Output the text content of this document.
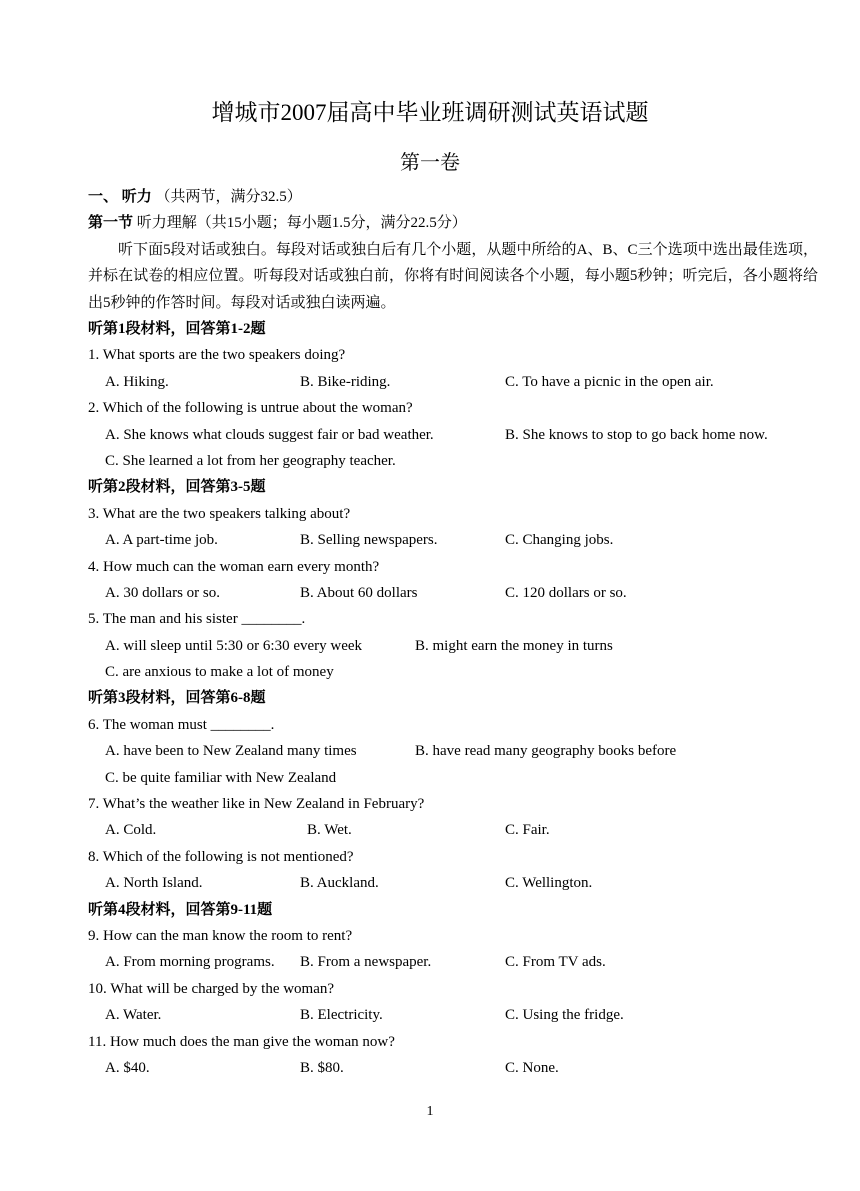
增城市2007届高中毕业班调研测试英语试题
第一卷
一、 听力 （共两节，满分32.5）
第一节 听力理解（共15小题；每小题1.5分，满分22.5分）
听下面5段对话或独白。每段对话或独白后有几个小题，从题中所给的A、B、C三个选项中选出最佳选项，并标在试卷的相应位置。听每段对话或独白前，你将有时间阅读各个小题，每小题5秒钟；听完后，各小题将给出5秒钟的作答时间。每段对话或独白读两遍。
听第1段材料，回答第1-2题
1. What sports are the two speakers doing?
A. Hiking.	B. Bike-riding.	C. To have a picnic in the open air.
2. Which of the following is untrue about the woman?
A. She knows what clouds suggest fair or bad weather.	B. She knows to stop to go back home now.
C. She learned a lot from her geography teacher.
听第2段材料，回答第3-5题
3. What are the two speakers talking about?
A. A part-time job.	B. Selling newspapers.	C. Changing jobs.
4. How much can the woman earn every month?
A. 30 dollars or so.	B. About 60 dollars	C. 120 dollars or so.
5. The man and his sister ________.
A. will sleep until 5:30 or 6:30 every week	B. might earn the money in turns
C. are anxious to make a lot of money
听第3段材料，回答第6-8题
6. The woman must ________.
A. have been to New Zealand many times	B. have read many geography books before
C. be quite familiar with New Zealand
7. What’s the weather like in New Zealand in February?
A. Cold.	B. Wet.	C. Fair.
8. Which of the following is not mentioned?
A. North Island.	B. Auckland.	C. Wellington.
听第4段材料，回答第9-11题
9. How can the man know the room to rent?
A. From morning programs. B. From a newspaper.	C. From TV ads.
10. What will be charged by the woman?
A. Water.	B. Electricity.	C. Using the fridge.
11. How much does the man give the woman now?
A. $40.	B. $80.	C. None.
1
